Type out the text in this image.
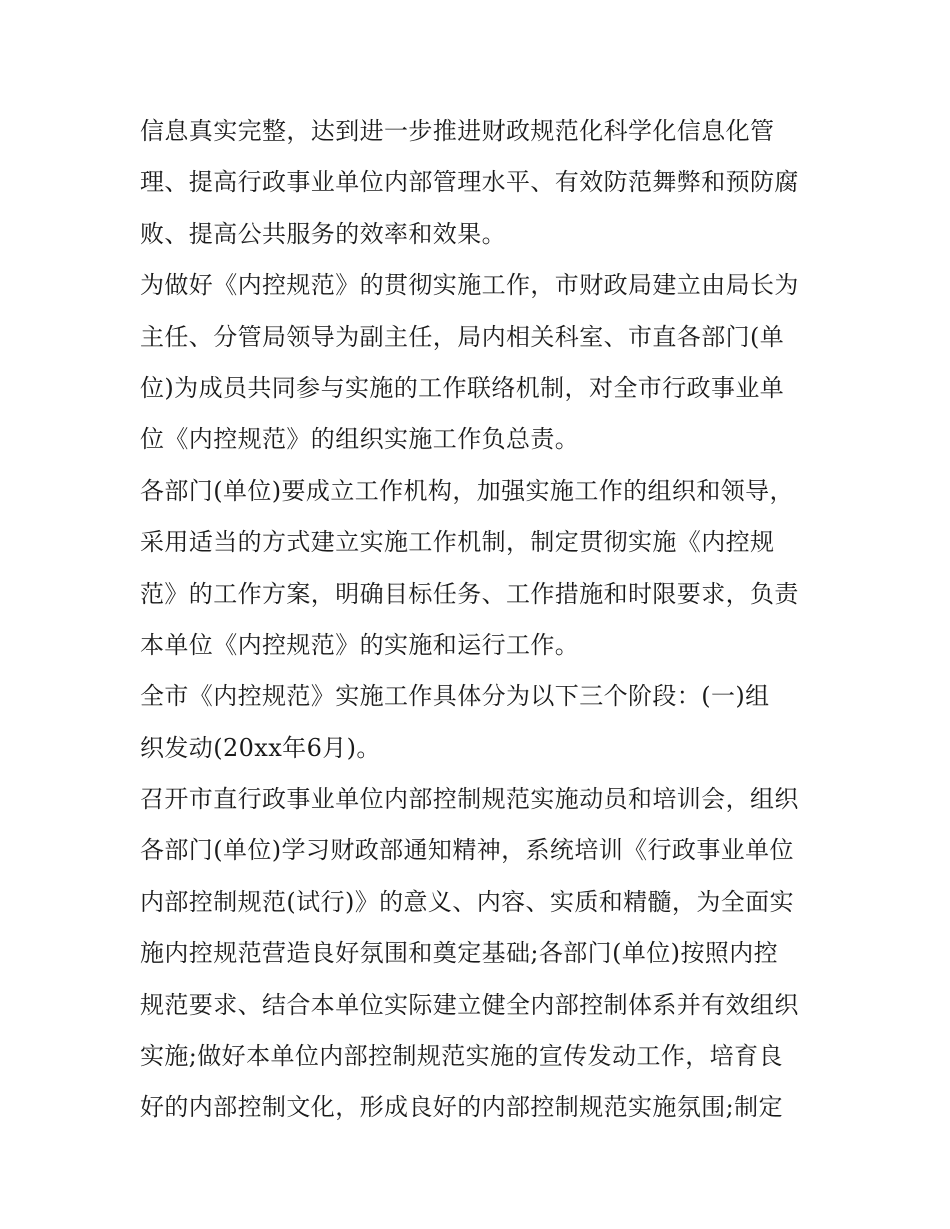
信息真实完整，达到进一步推进财政规范化科学化信息化管
理、提高行政事业单位内部管理水平、有效防范舞弊和预防腐
败、提高公共服务的效率和效果。
为做好《内控规范》的贯彻实施工作，市财政局建立由局长为
主任、分管局领导为副主任，局内相关科室、市直各部门(单
位)为成员共同参与实施的工作联络机制，对全市行政事业单
位《内控规范》的组织实施工作负总责。
各部门(单位)要成立工作机构，加强实施工作的组织和领导，
采用适当的方式建立实施工作机制，制定贯彻实施《内控规
范》的工作方案，明确目标任务、工作措施和时限要求，负责
本单位《内控规范》的实施和运行工作。
全市《内控规范》实施工作具体分为以下三个阶段：(一)组
织发动(20xx年6月)。
召开市直行政事业单位内部控制规范实施动员和培训会，组织
各部门(单位)学习财政部通知精神，系统培训《行政事业单位
内部控制规范(试行)》的意义、内容、实质和精髓，为全面实
施内控规范营造良好氛围和奠定基础;各部门(单位)按照内控
规范要求、结合本单位实际建立健全内部控制体系并有效组织
实施;做好本单位内部控制规范实施的宣传发动工作，培育良
好的内部控制文化，形成良好的内部控制规范实施氛围;制定
